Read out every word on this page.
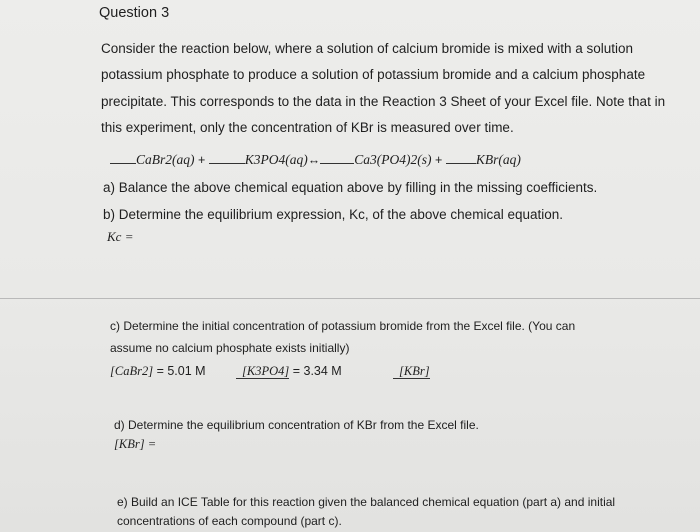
Question 3
Consider the reaction below, where a solution of calcium bromide is mixed with a solution
potassium phosphate to produce a solution of potassium bromide and a calcium phosphate
precipitate. This corresponds to the data in the Reaction 3 Sheet of your Excel file. Note that in
this experiment, only the concentration of KBr is measured over time.
CaBr2(aq) +	K3PO4(aq)↔	Ca3(PO4)2(s) + KBr(aq)
a) Balance the above chemical equation above by filling in the missing coefficients.
b) Determine the equilibrium expression, Kc, of the above chemical equation.
Kc =
c) Determine the initial concentration of potassium bromide from the Excel file. (You can
assume no calcium phosphate exists initially)
[CaBr2] = 5.01 M	[K3PO4] = 3.34 M	[KBr]
d) Determine the equilibrium concentration of KBr from the Excel file.
[KBr] =
e) Build an ICE Table for this reaction given the balanced chemical equation (part a) and initial
concentrations of each compound (part c).
